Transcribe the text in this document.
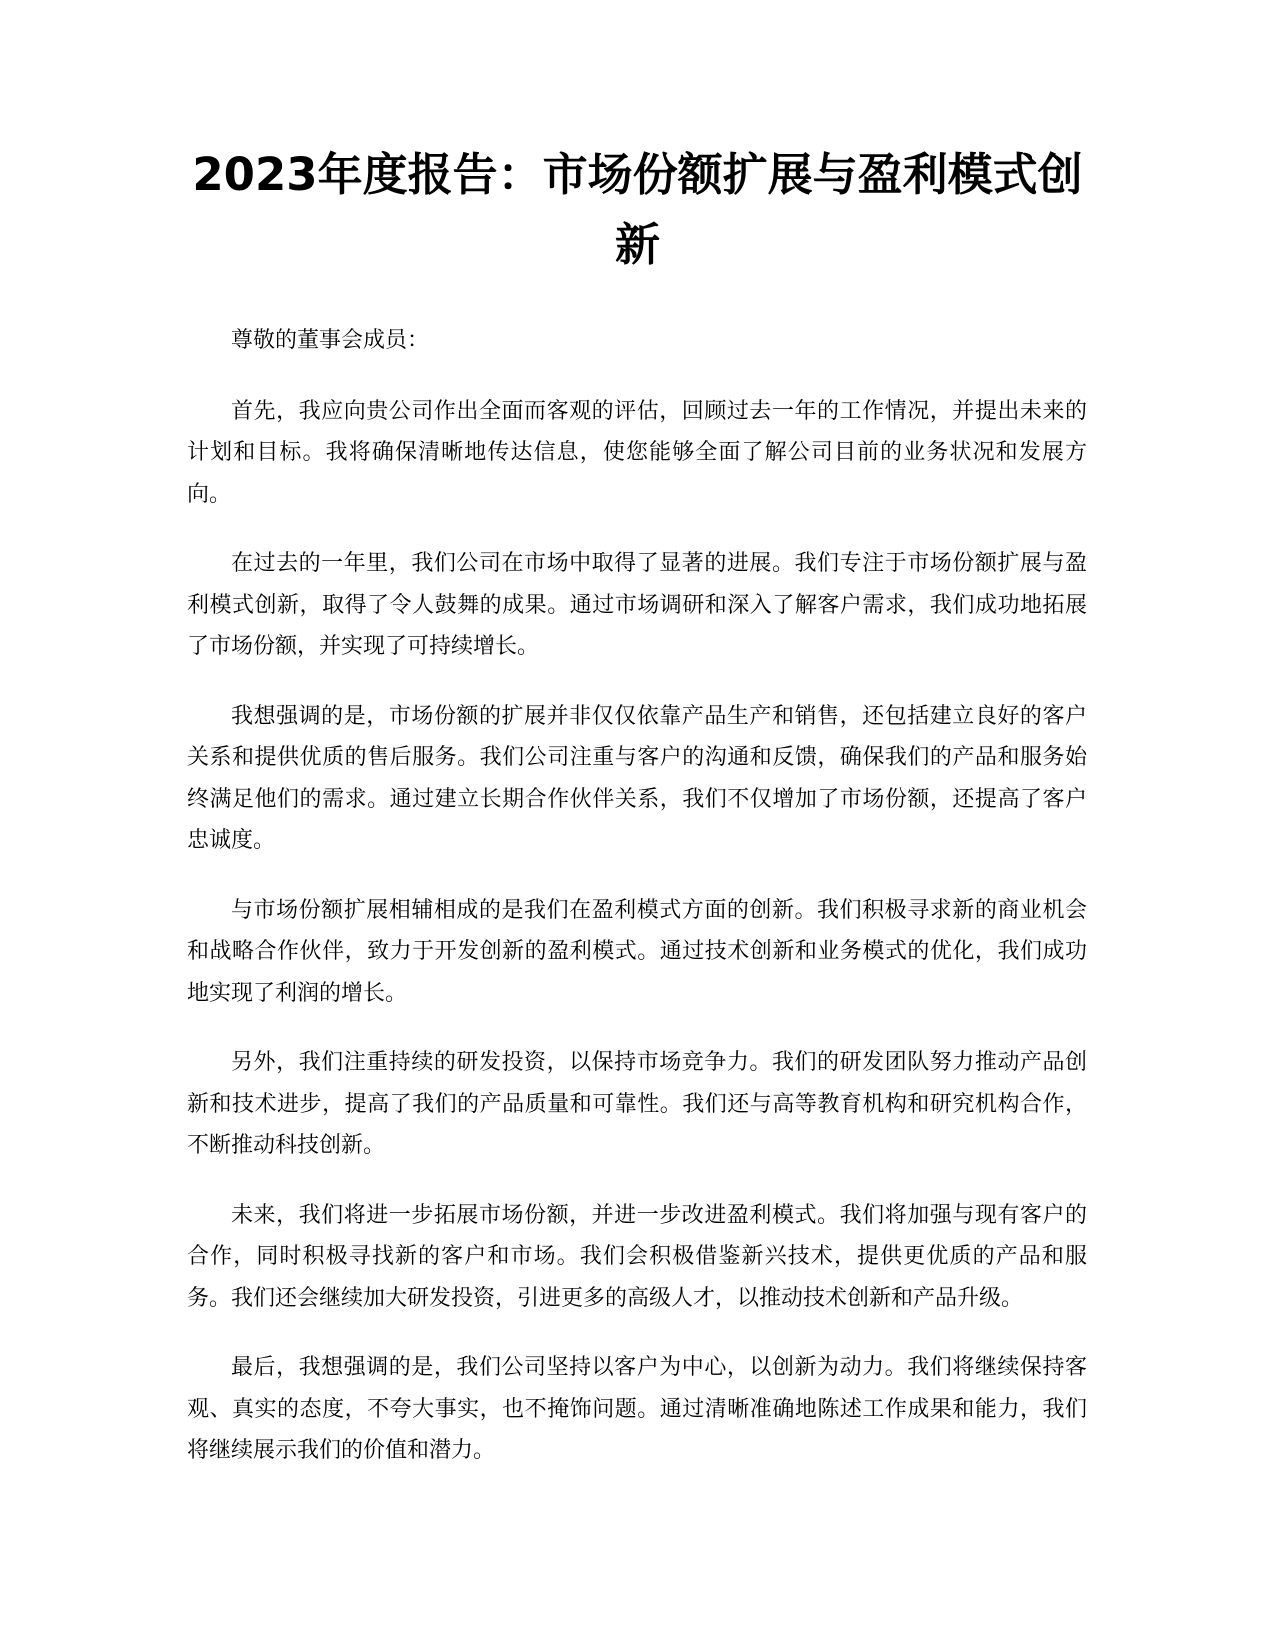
2023年度报告：市场份额扩展与盈利模式创新

尊敬的董事会成员：

首先，我应向贵公司作出全面而客观的评估，回顾过去一年的工作情况，并提出未来的计划和目标。我将确保清晰地传达信息，使您能够全面了解公司目前的业务状况和发展方向。

在过去的一年里，我们公司在市场中取得了显著的进展。我们专注于市场份额扩展与盈利模式创新，取得了令人鼓舞的成果。通过市场调研和深入了解客户需求，我们成功地拓展了市场份额，并实现了可持续增长。

我想强调的是，市场份额的扩展并非仅仅依靠产品生产和销售，还包括建立良好的客户关系和提供优质的售后服务。我们公司注重与客户的沟通和反馈，确保我们的产品和服务始终满足他们的需求。通过建立长期合作伙伴关系，我们不仅增加了市场份额，还提高了客户忠诚度。

与市场份额扩展相辅相成的是我们在盈利模式方面的创新。我们积极寻求新的商业机会和战略合作伙伴，致力于开发创新的盈利模式。通过技术创新和业务模式的优化，我们成功地实现了利润的增长。

另外，我们注重持续的研发投资，以保持市场竞争力。我们的研发团队努力推动产品创新和技术进步，提高了我们的产品质量和可靠性。我们还与高等教育机构和研究机构合作，不断推动科技创新。

未来，我们将进一步拓展市场份额，并进一步改进盈利模式。我们将加强与现有客户的合作，同时积极寻找新的客户和市场。我们会积极借鉴新兴技术，提供更优质的产品和服务。我们还会继续加大研发投资，引进更多的高级人才，以推动技术创新和产品升级。

最后，我想强调的是，我们公司坚持以客户为中心，以创新为动力。我们将继续保持客观、真实的态度，不夸大事实，也不掩饰问题。通过清晰准确地陈述工作成果和能力，我们将继续展示我们的价值和潜力。
